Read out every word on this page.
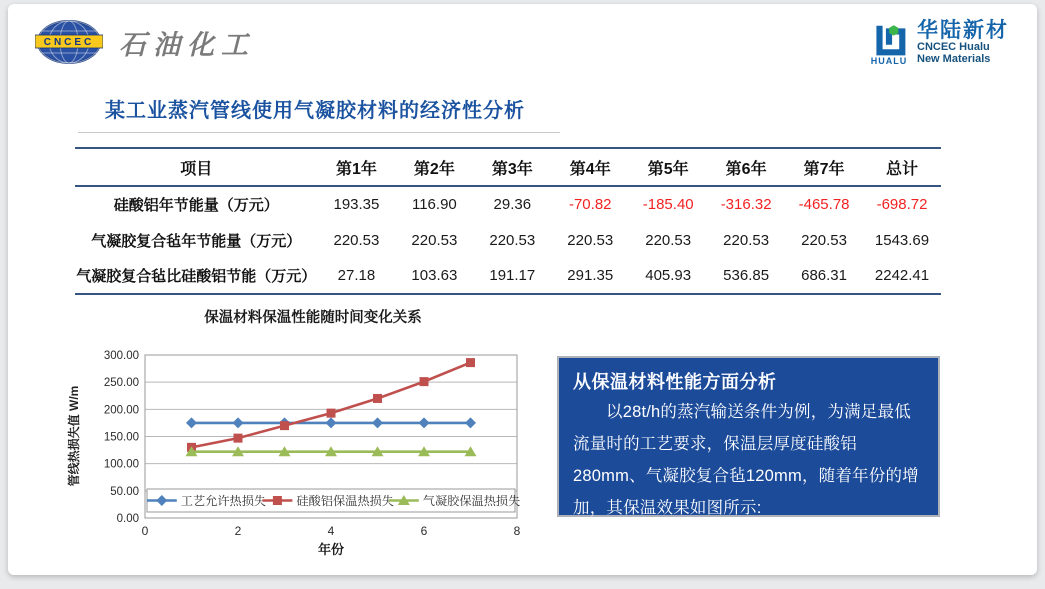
CNCEC 石油化工
HUALU
华陆新材
CNCEC Hualu
New Materials
某工业蒸汽管线使用气凝胶材料的经济性分析
项目	第1年	第2年	第3年	第4年	第5年	第6年	第7年	总计
硅酸铝年节能量（万元）	193.35	116.90	29.36	-70.82	-185.40	-316.32	-465.78	-698.72
气凝胶复合毡年节能量（万元）	220.53	220.53	220.53	220.53	220.53	220.53	220.53	1543.69
气凝胶复合毡比硅酸铝节能（万元）	27.18	103.63	191.17	291.35	405.93	536.85	686.31	2242.41
保温材料保温性能随时间变化关系
管线热损失值 W/m
年份
0.00
50.00
100.00
150.00
200.00
250.00
300.00
0	2	4	6	8
工艺允许热损失 硅酸铝保温热损失 气凝胶保温热损失
从保温材料性能方面分析
以28t/h的蒸汽输送条件为例，为满足最低流量时的工艺要求，保温层厚度硅酸铝280mm、气凝胶复合毡120mm，随着年份的增加，其保温效果如图所示:
